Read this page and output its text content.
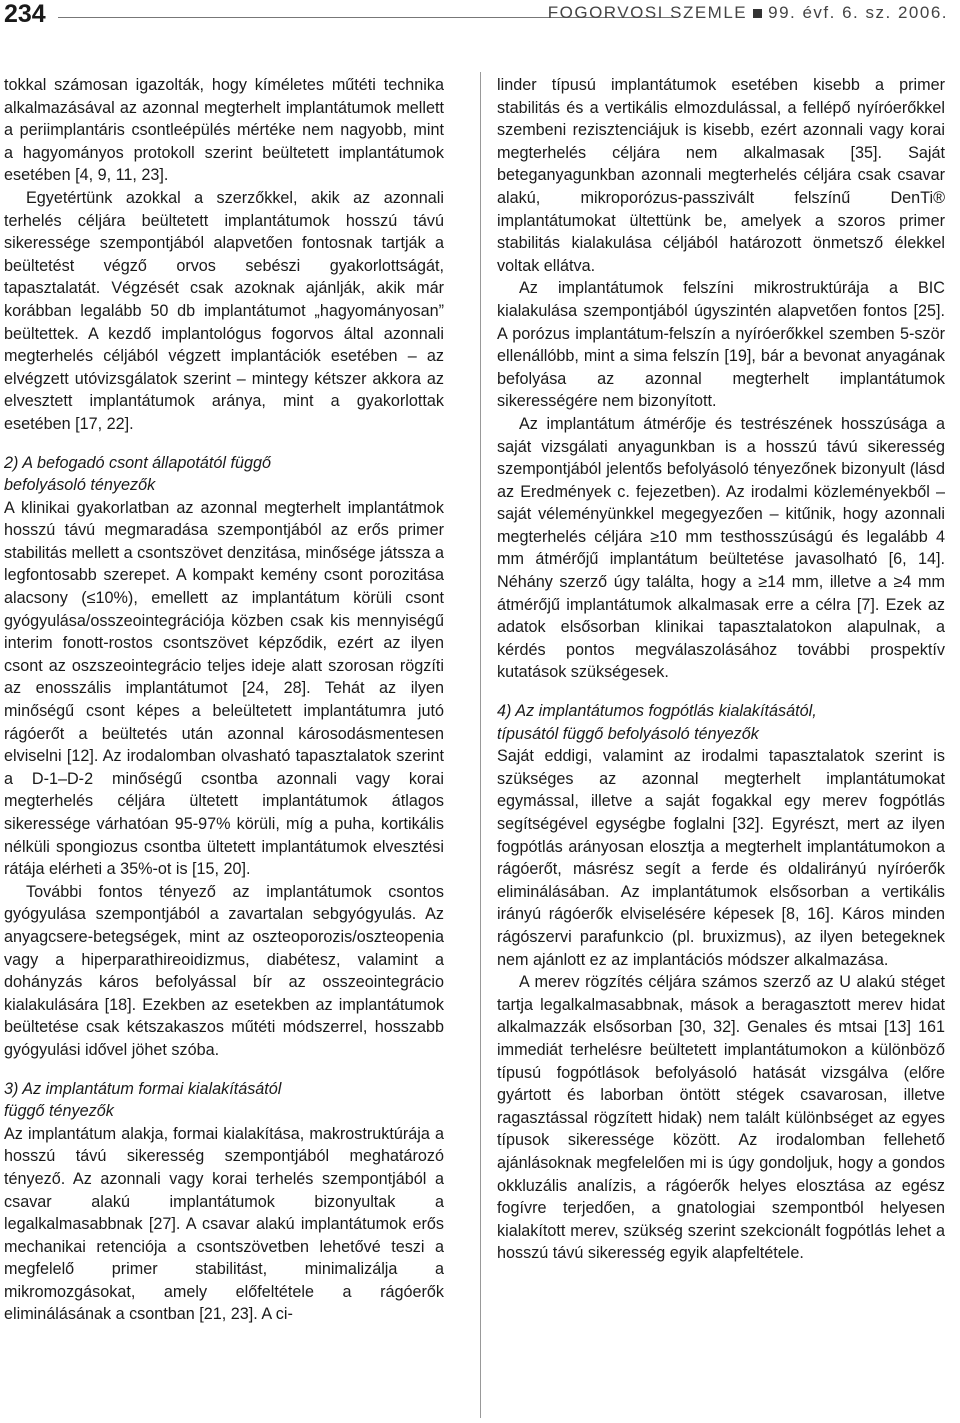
234	FOGORVOSI SZEMLE 99. évf. 6. sz. 2006.

tokkal számosan igazolták, hogy kíméletes műtéti technika alkalmazásával az azonnal megterhelt implantátumok mellett a periimplantáris csontleépülés mértéke nem nagyobb, mint a hagyományos protokoll szerint beültetett implantátumok esetében [4, 9, 11, 23].

Egyetértünk azokkal a szerzőkkel, akik az azonnali terhelés céljára beültetett implantátumok hosszú távú sikeressége szempontjából alapvetően fontosnak tartják a beültetést végző orvos sebészi gyakorlottságát, tapasztalatát. Végzését csak azoknak ajánlják, akik már korábban legalább 50 db implantátumot „hagyományosan” beültettek. A kezdő implantológus fogorvos által azonnali megterhelés céljából végzett implantációk esetében – az elvégzett utóvizsgálatok szerint – mintegy kétszer akkora az elvesztett implantátumok aránya, mint a gyakorlottak esetében [17, 22].

2) A befogadó csont állapotától függő
befolyásoló tényezők

A klinikai gyakorlatban az azonnal megterhelt implantátmok hosszú távú megmaradása szempontjából az erős primer stabilitás mellett a csontszövet denzitása, minősége játssza a legfontosabb szerepet. A kompakt kemény csont porozitása alacsony (≤10%), emellett az implantátum körüli csont gyógyulása/osszeointegrációja közben csak kis mennyiségű interim fonott-rostos csontszövet képződik, ezért az ilyen csont az oszszeointegrácio teljes ideje alatt szorosan rögzíti az enosszális implantátumot [24, 28]. Tehát az ilyen minőségű csont képes a beleültetett implantátumra jutó rágóerőt a beültetés után azonnal károsodásmentesen elviselni [12]. Az irodalomban olvasható tapasztalatok szerint a D-1–D-2 minőségű csontba azonnali vagy korai megterhelés céljára ültetett implantátumok átlagos sikeressége várhatóan 95-97% körüli, míg a puha, kortikális nélküli spongiozus csontba ültetett implantátumok elvesztési rátája elérheti a 35%-ot is [15, 20].

További fontos tényező az implantátumok csontos gyógyulása szempontjából a zavartalan sebgyógyulás. Az anyagcsere-betegségek, mint az oszteoporozis/oszteopenia vagy a hiperparathireoidizmus, diabétesz, valamint a dohányzás káros befolyással bír az osszeointegrácio kialakulására [18]. Ezekben az esetekben az implantátumok beültetése csak kétszakaszos műtéti módszerrel, hosszabb gyógyulási idővel jöhet szóba.

3) Az implantátum formai kialakításától
függő tényezők

Az implantátum alakja, formai kialakítása, makrostruktúrája a hosszú távú sikeresség szempontjából meghatározó tényező. Az azonnali vagy korai terhelés szempontjából a csavar alakú implantátumok bizonyultak a legalkalmasabbnak [27]. A csavar alakú implantátumok erős mechanikai retenciója a csontszövetben lehetővé teszi a megfelelő primer stabilitást, minimalizálja a mikromozgásokat, amely előfeltétele a rágóerők eliminálásának a csontban [21, 23]. A ci-

linder típusú implantátumok esetében kisebb a primer stabilitás és a vertikális elmozdulással, a fellépő nyíróerőkkel szembeni rezisztenciájuk is kisebb, ezért azonnali vagy korai megterhelés céljára nem alkalmasak [35]. Saját beteganyagunkban azonnali megterhelés céljára csak csavar alakú, mikroporózus-passzivált felszínű DenTi® implantátumokat ültettünk be, amelyek a szoros primer stabilitás kialakulása céljából határozott önmetsző élekkel voltak ellátva.

Az implantátumok felszíni mikrostruktúrája a BIC kialakulása szempontjából úgyszintén alapvetően fontos [25]. A porózus implantátum-felszín a nyíróerőkkel szemben 5-ször ellenállóbb, mint a sima felszín [19], bár a bevonat anyagának befolyása az azonnal megterhelt implantátumok sikerességére nem bizonyított.

Az implantátum átmérője és testrészének hosszúsága a saját vizsgálati anyagunkban is a hosszú távú sikeresség szempontjából jelentős befolyásoló tényezőnek bizonyult (lásd az Eredmények c. fejezetben). Az irodalmi közleményekből – saját véleményünkkel megegyezően – kitűnik, hogy azonnali megterhelés céljára ≥10 mm testhosszúságú és legalább 4 mm átmérőjű implantátum beültetése javasolható [6, 14]. Néhány szerző úgy találta, hogy a ≥14 mm, illetve a ≥4 mm átmérőjű implantátumok alkalmasak erre a célra [7]. Ezek az adatok elsősorban klinikai tapasztalatokon alapulnak, a kérdés pontos megválaszolásához további prospektív kutatások szükségesek.

4) Az implantátumos fogpótlás kialakításától,
típusától függő befolyásoló tényezők

Saját eddigi, valamint az irodalmi tapasztalatok szerint is szükséges az azonnal megterhelt implantátumokat egymással, illetve a saját fogakkal egy merev fogpótlás segítségével egységbe foglalni [32]. Egyrészt, mert az ilyen fogpótlás arányosan elosztja a megterhelt implantátumokon a rágóerőt, másrész segít a ferde és oldalirányú nyíróerők eliminálásában. Az implantátumok elsősorban a vertikális irányú rágóerők elviselésére képesek [8, 16]. Káros minden rágószervi parafunkcio (pl. bruxizmus), az ilyen betegeknek nem ajánlott ez az implantációs módszer alkalmazása.

A merev rögzítés céljára számos szerző az U alakú stéget tartja legalkalmasabbnak, mások a beragasztott merev hidat alkalmazzák elsősorban [30, 32]. Genales és mtsai [13] 161 immediát terhelésre beültetett implantátumokon a különböző típusú fogpótlások befolyásoló hatását vizsgálva (előre gyártott és laborban öntött stégek csavarosan, illetve ragasztással rögzített hidak) nem talált különbséget az egyes típusok sikeressége között. Az irodalomban fellehető ajánlásoknak megfelelően mi is úgy gondoljuk, hogy a gondos okkluzális analízis, a rágóerők helyes elosztása az egész fogívre terjedően, a gnatologiai szempontból helyesen kialakított merev, szükség szerint szekcionált fogpótlás lehet a hosszú távú sikeresség egyik alapfeltétele.
